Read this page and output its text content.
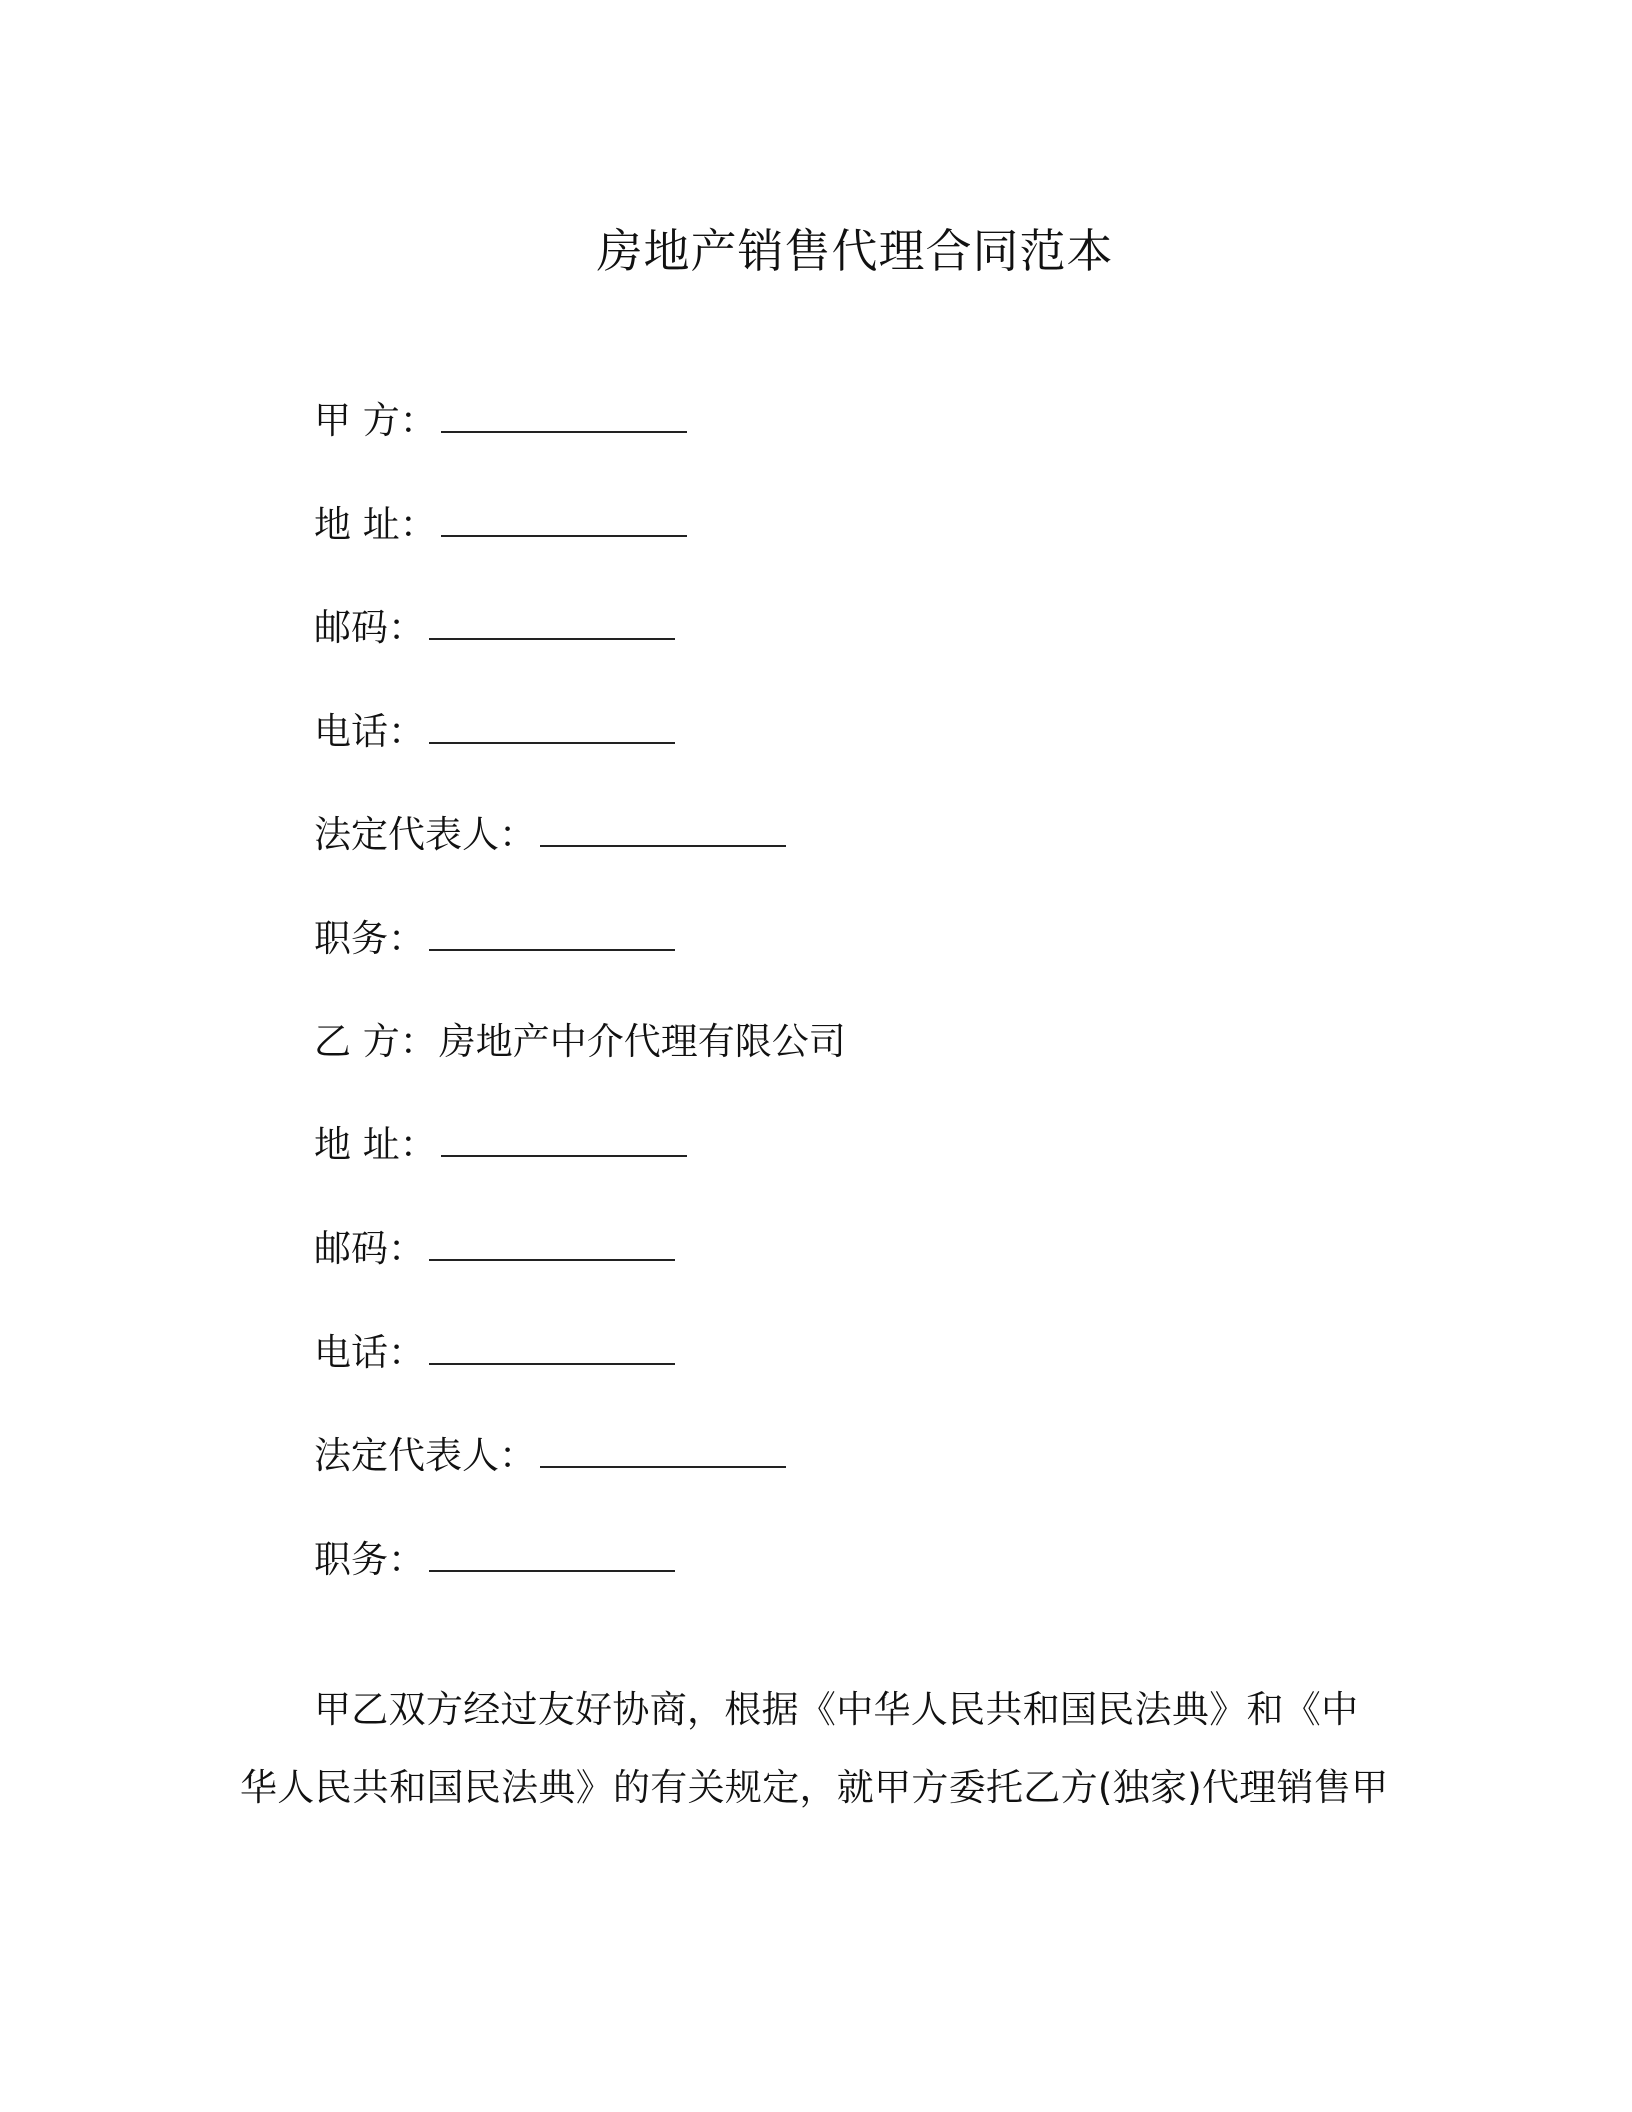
房地产销售代理合同范本
甲 方：
地 址：
邮码：
电话：
法定代表人：
职务：
乙 方：房地产中介代理有限公司
地 址：
邮码：
电话：
法定代表人：
职务：

甲乙双方经过友好协商，根据《中华人民共和国民法典》和《中华人民共和国民法典》的有关规定，就甲方委托乙方(独家)代理销售甲
